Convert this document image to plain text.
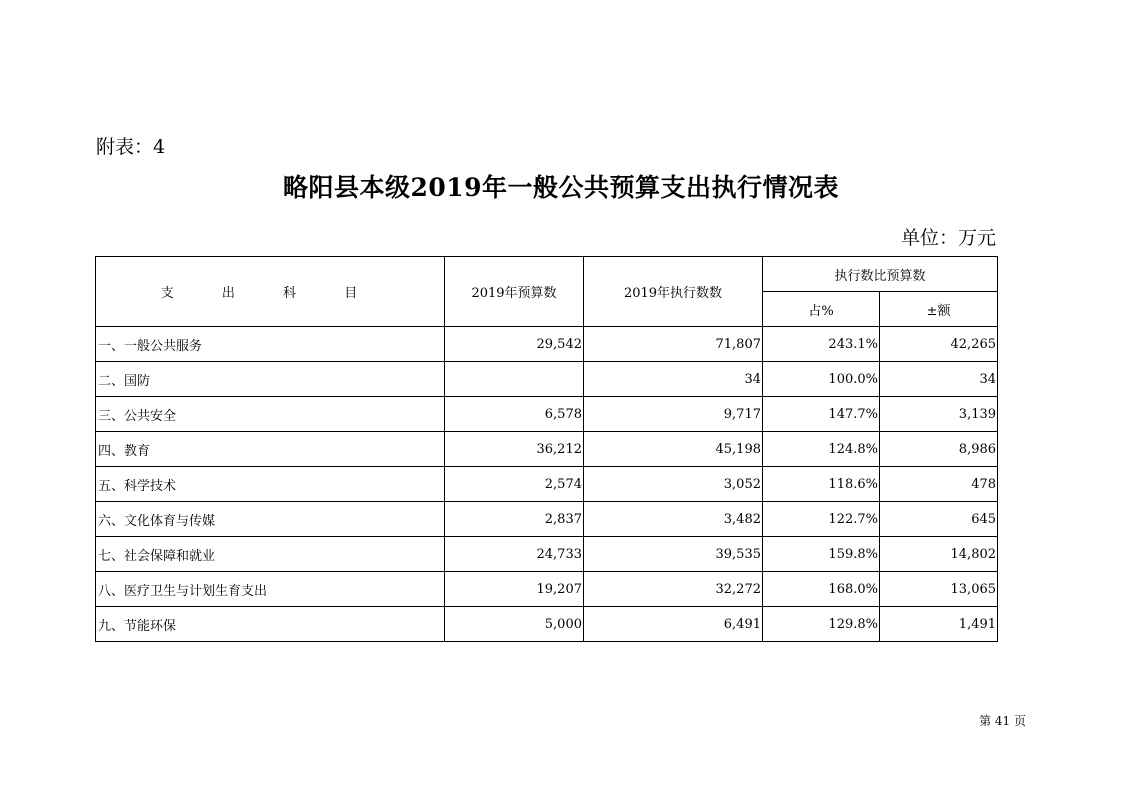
附表：4
略阳县本级2019年一般公共预算支出执行情况表
单位：万元
支 出 科 目	2019年预算数	2019年执行数数	执行数比预算数	
			占%	±额
一、一般公共服务	29,542	71,807	243.1%	42,265
二、国防		34	100.0%	34
三、公共安全	6,578	9,717	147.7%	3,139
四、教育	36,212	45,198	124.8%	8,986
五、科学技术	2,574	3,052	118.6%	478
六、文化体育与传媒	2,837	3,482	122.7%	645
七、社会保障和就业	24,733	39,535	159.8%	14,802
八、医疗卫生与计划生育支出	19,207	32,272	168.0%	13,065
九、节能环保	5,000	6,491	129.8%	1,491
第 41 页
